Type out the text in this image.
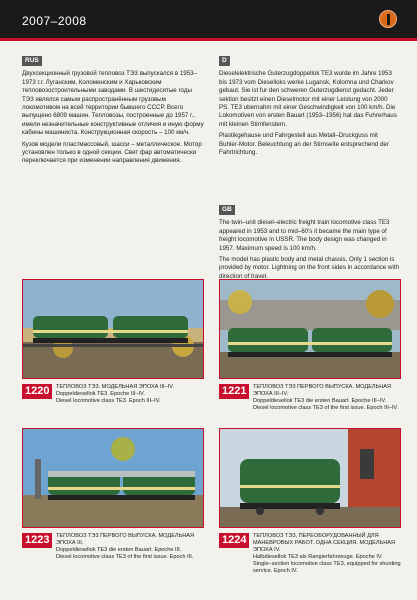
2007–2008
RUS

Двухсекционный грузовой тепловоз ТЭ3 выпускался в 1953–1973 г.г. Луганским, Коломенским и Харьковским тепловозостроительными заводами. В шестидесятые годы ТЭ3 являлся самым распространённым грузовым локомотивом на всей территории бывшего СССР. Всего выпущено 6809 машин. Тепловозы, построенные до 1957 г., имели незначительные конструктивные отличия и иную форму кабины машиниста. Конструкционная скорость – 100 км/ч.

Кузов модели пластмассовый, шасси – металлическое. Мотор установлен только в одной секции. Свет фар автоматически переключается при изменении направления движения.

D

Dieselelektrische Guterzugdoppellok TE3 wurde im Jahre 1953 bis 1973 vom Dieselloks werke Lugansk, Kolomna und Charkov gebaut. Sie ist fur den schweren Guterzugdienst gedacht. Jeder sektion besitzt einen Dieselmotor mit einer Leistung von 2000 PS. TE3 ubernahm mit einer Geschwindigkeit von 100 km/h. Die Lokomotiven von ersten Bauart (1953–1956) hat das Fuhrerhaus mit kleinen Stirnfenstern.

Plastikgehause und Fahrgestell aus Metall–Druckguss mit Buhler-Motor. Beleuchtung an der Stirnseite entsprechend der Fahrtrichtung.

GB

The twin–unit diesel–electric freight train locomotive class TE3 appeared in 1953 and to mid–60's it became the main type of freight locomotive in USSR. The body design was changed in 1957. Maximum speed is 100 km/h.

The model has plastic body and metal chassis. Only 1 section is provided by motor. Lightning on the front sides in accordance with direction of travel.

1220	ТЕПЛОВОЗ ТЭ3. МОДЕЛЬНАЯ ЭПОХА III–IV.
Doppeldiesellok TE3. Epoche III–IV.
Diesel locomotive class TE3. Epoch III–IV.
1221	ТЕПЛОВОЗ ТЭ3 ПЕРВОГО ВЫПУСКА. МОДЕЛЬНАЯ ЭПОХА III–IV.
Doppeldiesellok TE3 die ersten Bauart. Epoche III–IV.
Diesel locomotive class TE3 of the first issue. Epoch III–IV.
1223	ТЕПЛОВОЗ ТЭ3 ПЕРВОГО ВЫПУСКА. МОДЕЛЬНАЯ ЭПОХА III.
Doppeldiesellok TE3 die ersten Bauart. Epoche III.
Diesel locomotive class TE3 of the first issue. Epoch III.
1224	ТЕПЛОВОЗ ТЭ3, ПЕРЕОБОРУДОВАННЫЙ ДЛЯ МАНЕВРОВЫХ РАБОТ. ОДНА СЕКЦИЯ. МОДЕЛЬНАЯ ЭПОХА IV.
Halbdiesellok TE3 als Rangierfahrzeuge. Epoche IV.
Single–section locomotive class TE3, equipped for shunting service. Epoch IV.
